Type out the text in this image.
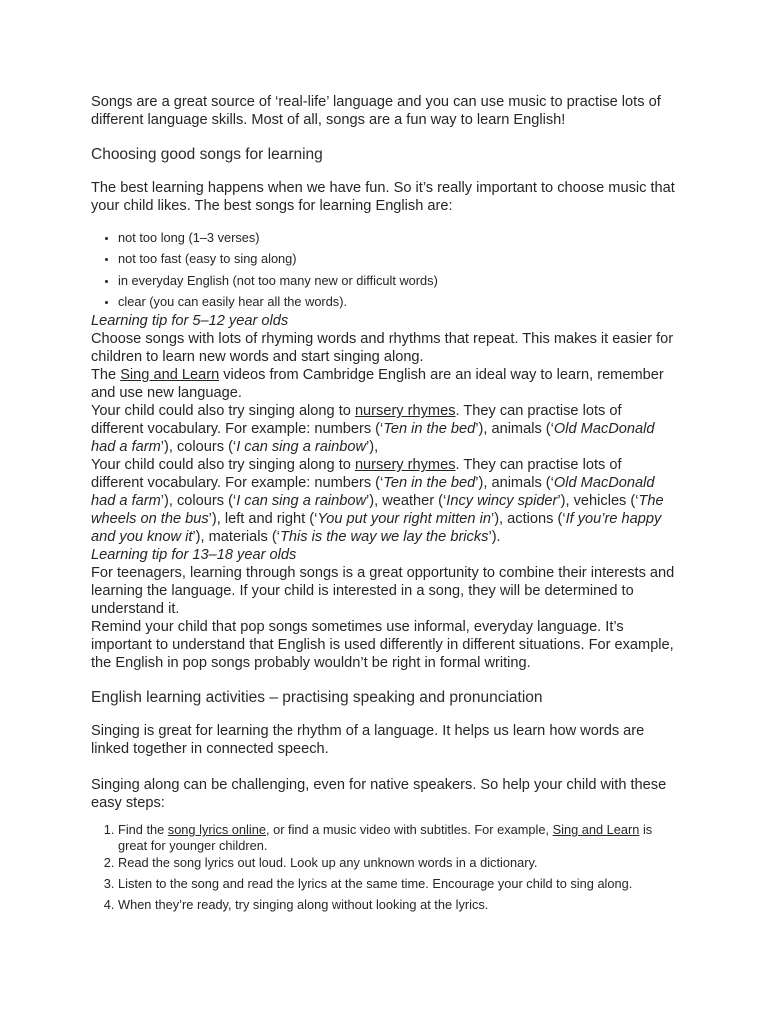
Songs are a great source of ‘real-life’ language and you can use music to practise lots of different language skills. Most of all, songs are a fun way to learn English!

Choosing good songs for learning

The best learning happens when we have fun. So it’s really important to choose music that your child likes. The best songs for learning English are:

• not too long (1–3 verses)
• not too fast (easy to sing along)
• in everyday English (not too many new or difficult words)
• clear (you can easily hear all the words).

Learning tip for 5–12 year olds

Choose songs with lots of rhyming words and rhythms that repeat. This makes it easier for children to learn new words and start singing along.

The Sing and Learn videos from Cambridge English are an ideal way to learn, remember and use new language.

Your child could also try singing along to nursery rhymes. They can practise lots of different vocabulary. For example: numbers (‘Ten in the bed’), animals (‘Old MacDonald had a farm’), colours (‘I can sing a rainbow’),

Your child could also try singing along to nursery rhymes. They can practise lots of different vocabulary. For example: numbers (‘Ten in the bed’), animals (‘Old MacDonald had a farm’), colours (‘I can sing a rainbow’), weather (‘Incy wincy spider’), vehicles (‘The wheels on the bus’), left and right (‘You put your right mitten in’), actions (‘If you’re happy and you know it’), materials (‘This is the way we lay the bricks’).

Learning tip for 13–18 year olds

For teenagers, learning through songs is a great opportunity to combine their interests and learning the language. If your child is interested in a song, they will be determined to understand it.

Remind your child that pop songs sometimes use informal, everyday language. It’s important to understand that English is used differently in different situations. For example, the English in pop songs probably wouldn’t be right in formal writing.

English learning activities – practising speaking and pronunciation

Singing is great for learning the rhythm of a language. It helps us learn how words are linked together in connected speech.

Singing along can be challenging, even for native speakers. So help your child with these easy steps:

1. Find the song lyrics online, or find a music video with subtitles. For example, Sing and Learn is great for younger children.
2. Read the song lyrics out loud. Look up any unknown words in a dictionary.
3. Listen to the song and read the lyrics at the same time. Encourage your child to sing along.
4. When they’re ready, try singing along without looking at the lyrics.
